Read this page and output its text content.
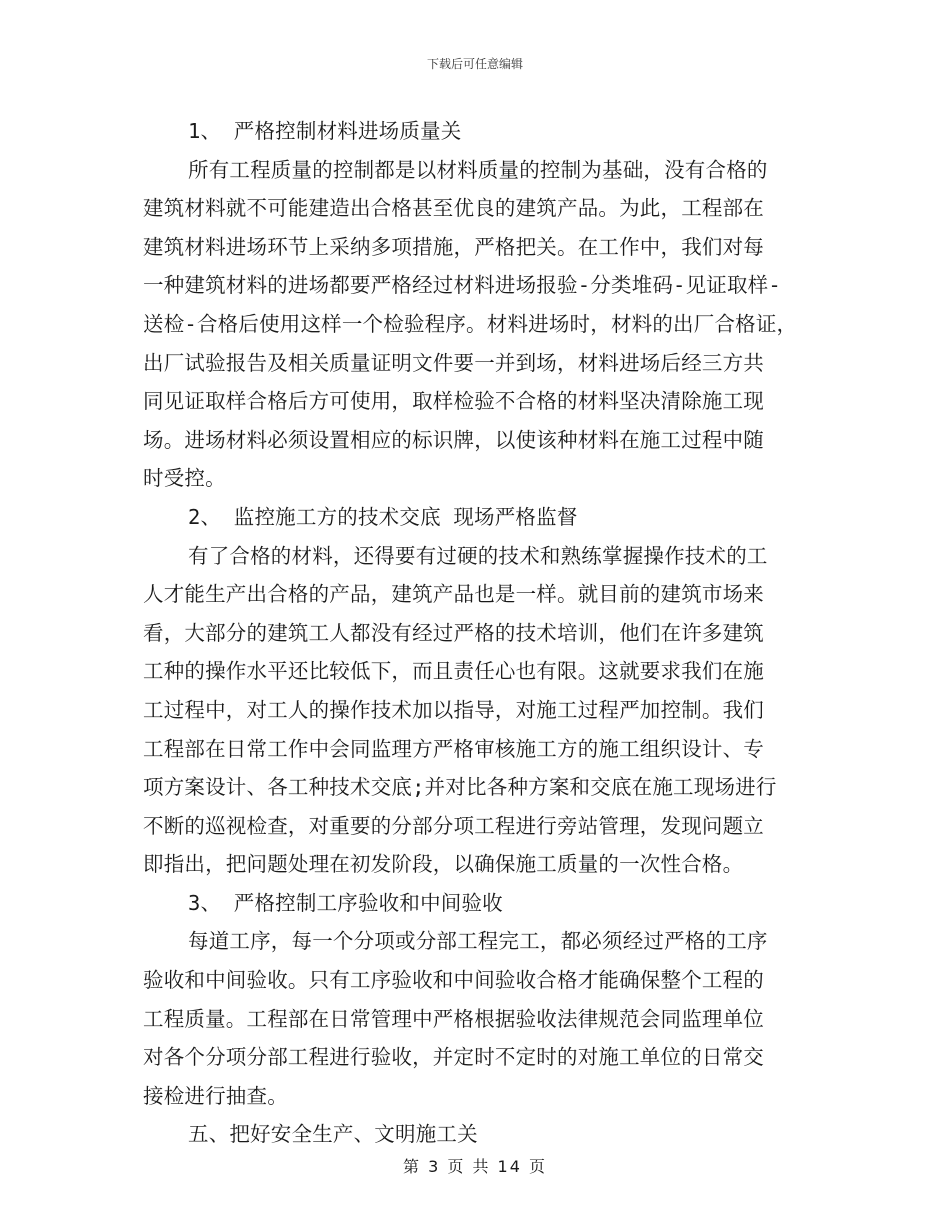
下载后可任意编辑
1、 严格控制材料进场质量关
所有工程质量的控制都是以材料质量的控制为基础，没有合格的
建筑材料就不可能建造出合格甚至优良的建筑产品。为此，工程部在
建筑材料进场环节上采纳多项措施，严格把关。在工作中，我们对每
一种建筑材料的进场都要严格经过材料进场报验-分类堆码-见证取样-
送检-合格后使用这样一个检验程序。材料进场时，材料的出厂合格证，
出厂试验报告及相关质量证明文件要一并到场，材料进场后经三方共
同见证取样合格后方可使用，取样检验不合格的材料坚决清除施工现
场。进场材料必须设置相应的标识牌，以使该种材料在施工过程中随
时受控。
2、 监控施工方的技术交底 现场严格监督
有了合格的材料，还得要有过硬的技术和熟练掌握操作技术的工
人才能生产出合格的产品，建筑产品也是一样。就目前的建筑市场来
看，大部分的建筑工人都没有经过严格的技术培训，他们在许多建筑
工种的操作水平还比较低下，而且责任心也有限。这就要求我们在施
工过程中，对工人的操作技术加以指导，对施工过程严加控制。我们
工程部在日常工作中会同监理方严格审核施工方的施工组织设计、专
项方案设计、各工种技术交底;并对比各种方案和交底在施工现场进行
不断的巡视检查，对重要的分部分项工程进行旁站管理，发现问题立
即指出，把问题处理在初发阶段，以确保施工质量的一次性合格。
3、 严格控制工序验收和中间验收
每道工序，每一个分项或分部工程完工，都必须经过严格的工序
验收和中间验收。只有工序验收和中间验收合格才能确保整个工程的
工程质量。工程部在日常管理中严格根据验收法律规范会同监理单位
对各个分项分部工程进行验收，并定时不定时的对施工单位的日常交
接检进行抽查。
五、把好安全生产、文明施工关
第 3 页 共 14 页
